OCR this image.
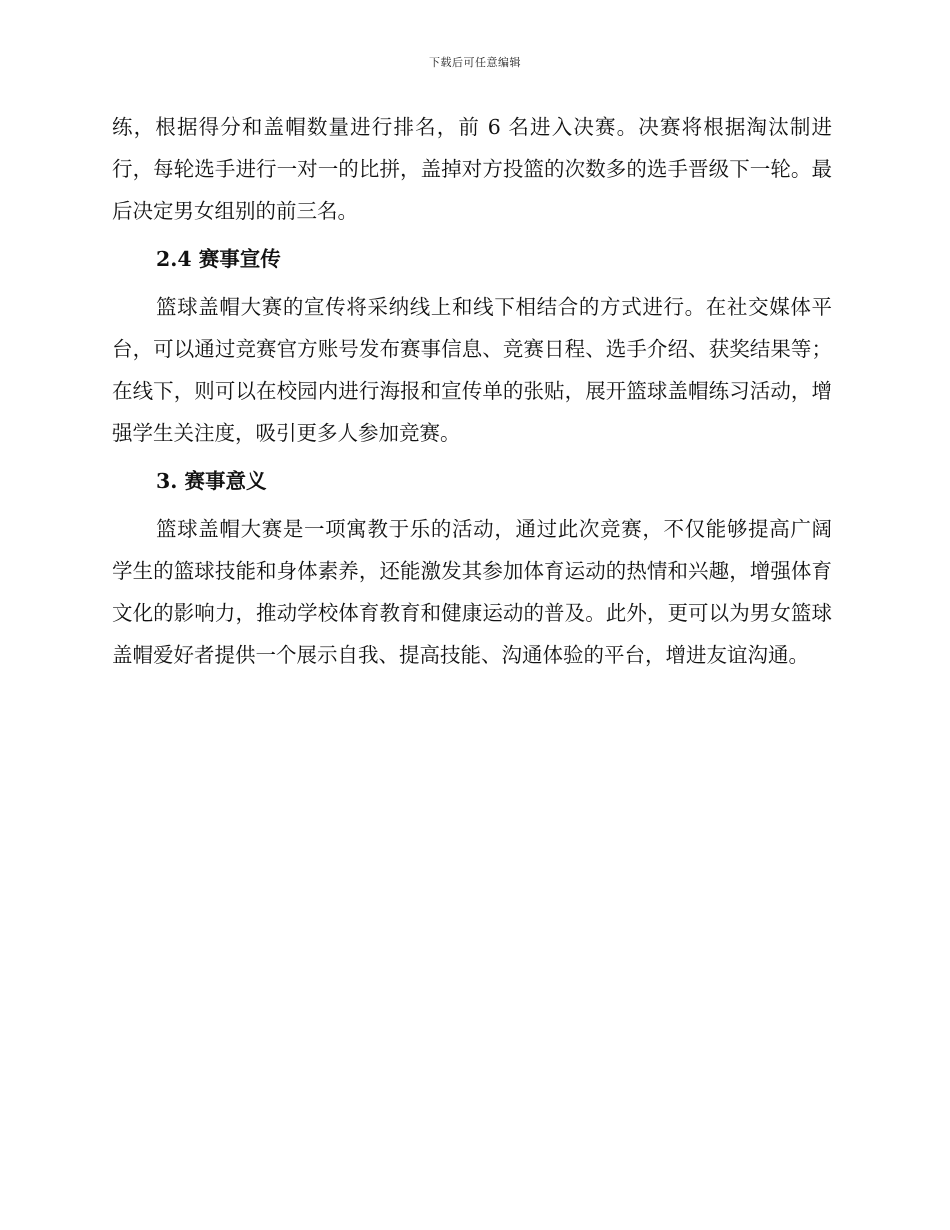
下载后可任意编辑

练，根据得分和盖帽数量进行排名，前 6 名进入决赛。决赛将根据淘汰制进行，每轮选手进行一对一的比拼，盖掉对方投篮的次数多的选手晋级下一轮。最后决定男女组别的前三名。

2.4 赛事宣传

篮球盖帽大赛的宣传将采纳线上和线下相结合的方式进行。在社交媒体平台，可以通过竞赛官方账号发布赛事信息、竞赛日程、选手介绍、获奖结果等；在线下，则可以在校园内进行海报和宣传单的张贴，展开篮球盖帽练习活动，增强学生关注度，吸引更多人参加竞赛。

3. 赛事意义

篮球盖帽大赛是一项寓教于乐的活动，通过此次竞赛，不仅能够提高广阔学生的篮球技能和身体素养，还能激发其参加体育运动的热情和兴趣，增强体育文化的影响力，推动学校体育教育和健康运动的普及。此外，更可以为男女篮球盖帽爱好者提供一个展示自我、提高技能、沟通体验的平台，增进友谊沟通。
